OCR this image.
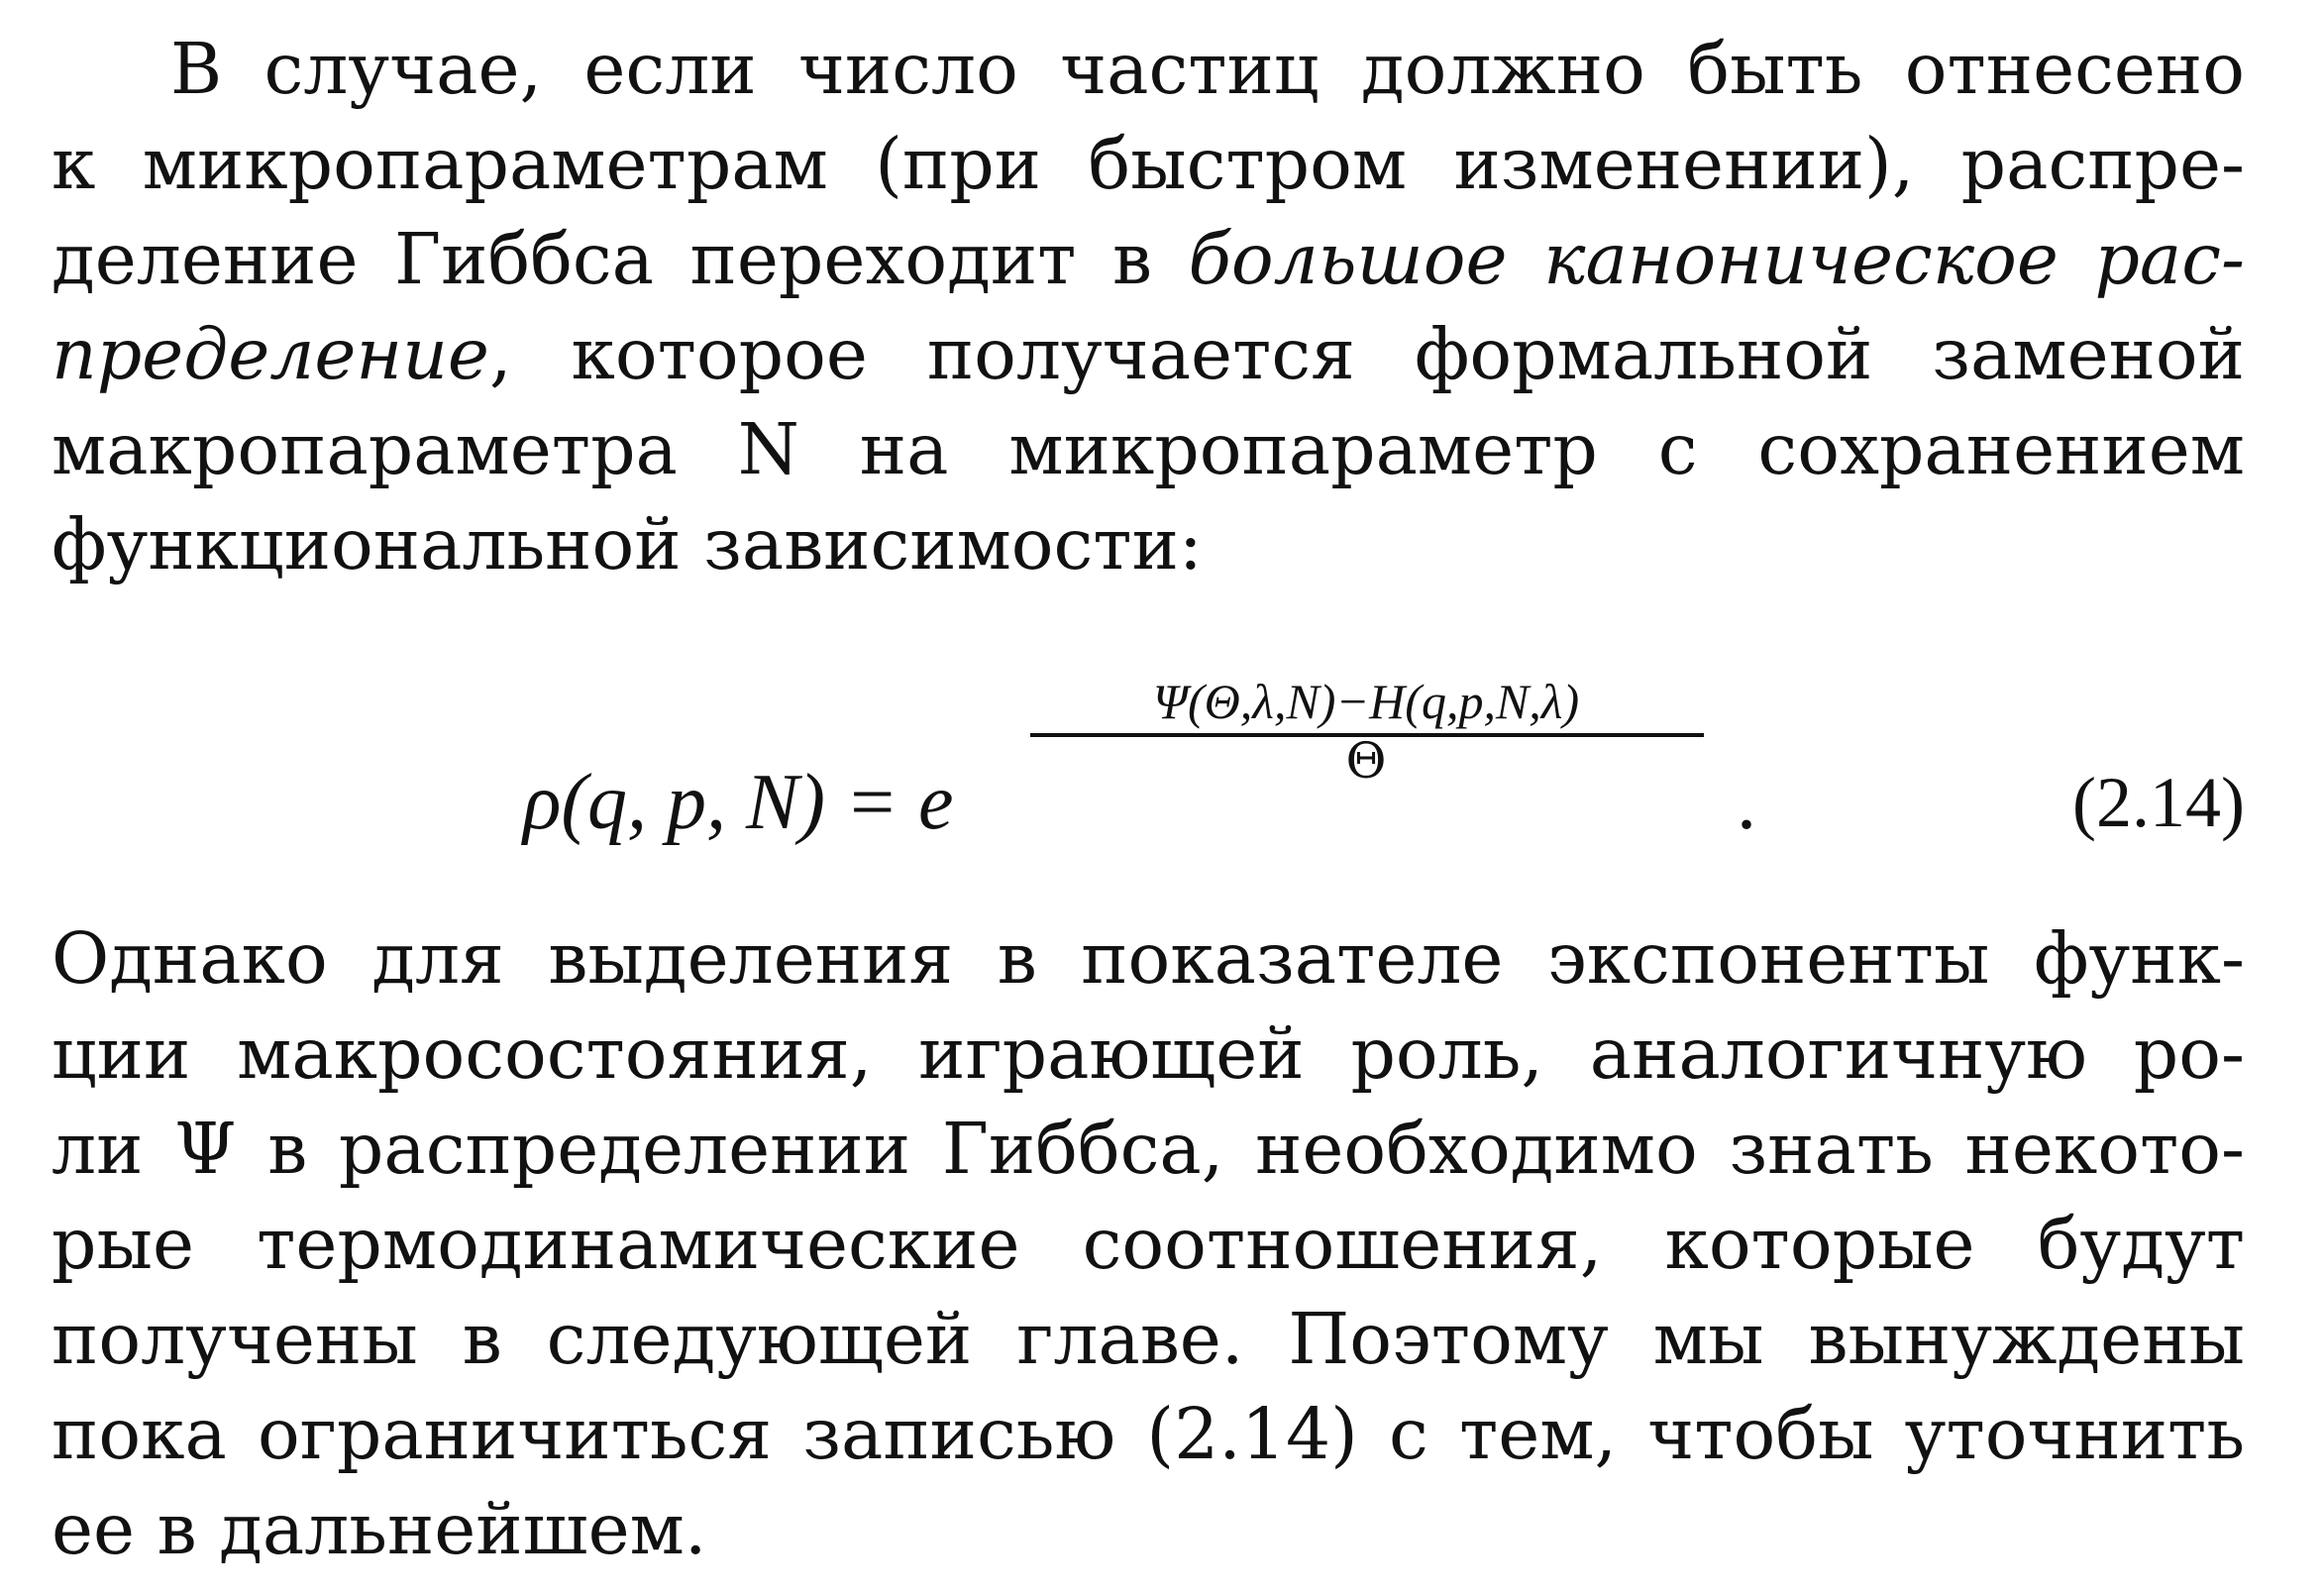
В случае, если число частиц должно быть отнесено
к микропараметрам (при быстром изменении), распре-
деление Гиббса переходит в большое каноническое рас-
пределение, которое получается формальной заменой
макропараметра N на микропараметр с сохранением
функциональной зависимости:
ρ(q, p, N) = e
Ψ(Θ,λ,N)−H(q,p,N,λ)
Θ	.	(2.14)
Однако для выделения в показателе экспоненты функ-
ции макросостояния, играющей роль, аналогичную ро-
ли Ψ в распределении Гиббса, необходимо знать некото-
рые термодинамические соотношения, которые будут
получены в следующей главе. Поэтому мы вынуждены
пока ограничиться записью (2.14) с тем, чтобы уточнить
ее в дальнейшем.
